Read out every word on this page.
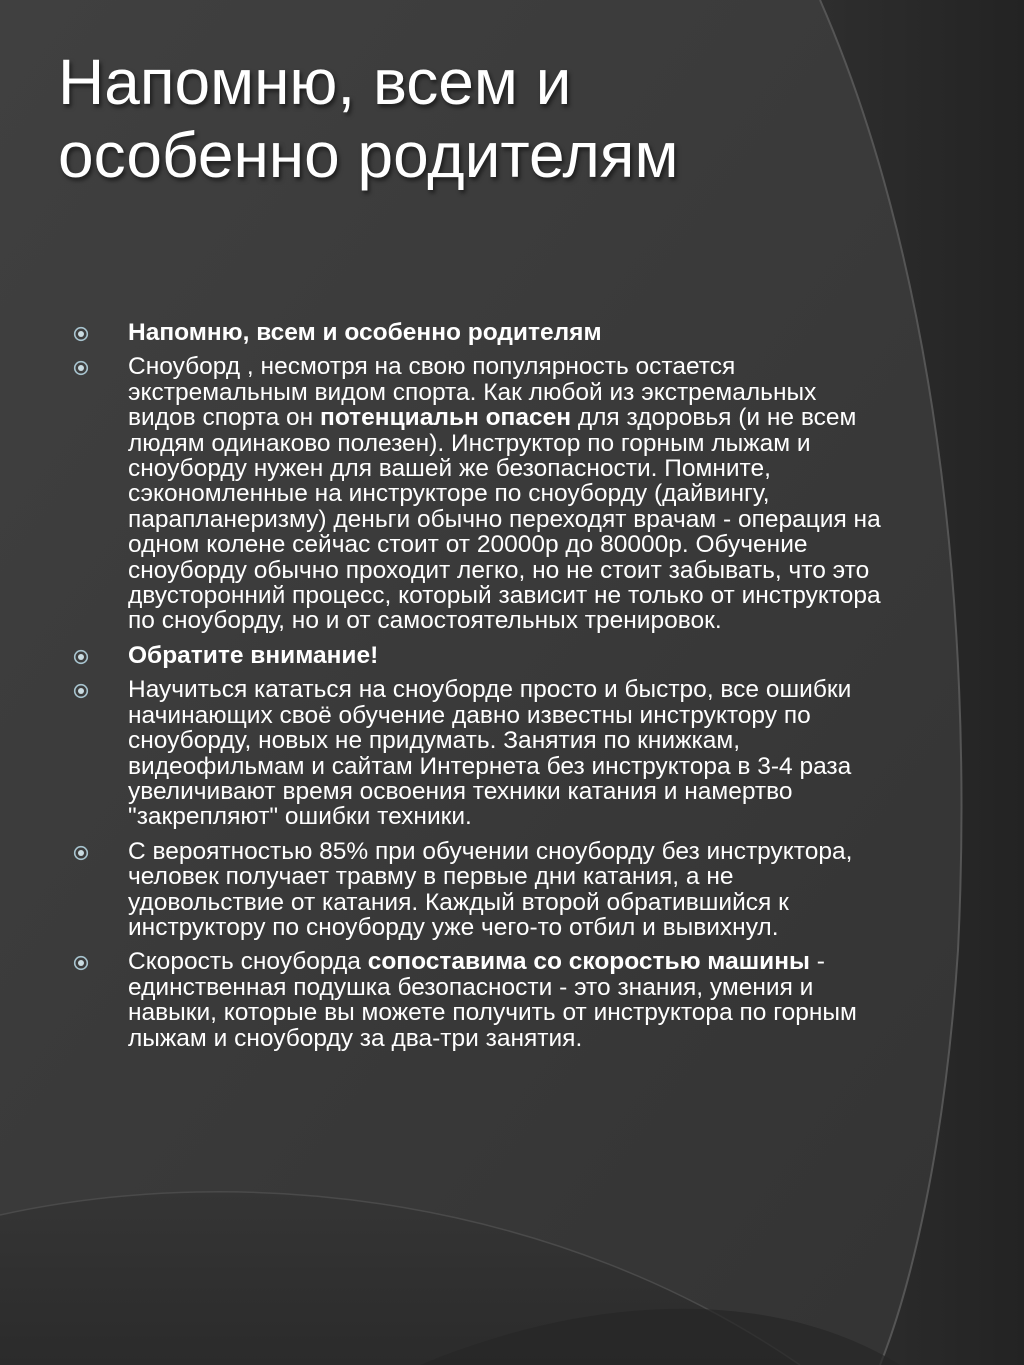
Напомню, всем и
особенно родителям
Напомню, всем и особенно родителям
Сноуборд , несмотря на свою популярность остается экстремальным видом спорта. Как любой из экстремальных видов спорта он потенциальн опасен для здоровья (и не всем людям одинаково полезен). Инструктор по горным лыжам и сноуборду нужен для вашей же безопасности. Помните, сэкономленные на инструкторе по сноуборду (дайвингу, парапланеризму) деньги обычно переходят врачам - операция на одном колене сейчас стоит от 20000р до 80000р. Обучение сноуборду обычно проходит легко, но не стоит забывать, что это двусторонний процесс, который зависит не только от инструктора по сноуборду, но и от самостоятельных тренировок.
Обратите внимание!
Научиться кататься на сноуборде просто и быстро, все ошибки начинающих своё обучение давно известны инструктору по сноуборду, новых не придумать. Занятия по книжкам, видеофильмам и сайтам Интернета без инструктора в 3-4 раза увеличивают время освоения техники катания и намертво "закрепляют" ошибки техники.
С вероятностью 85% при обучении сноуборду без инструктора, человек получает травму в первые дни катания, а не удовольствие от катания. Каждый второй обратившийся к инструктору по сноуборду уже чего-то отбил и вывихнул.
Скорость сноуборда сопоставима со скоростью машины - единственная подушка безопасности - это знания, умения и навыки, которые вы можете получить от инструктора по горным лыжам и сноуборду за два-три занятия.
